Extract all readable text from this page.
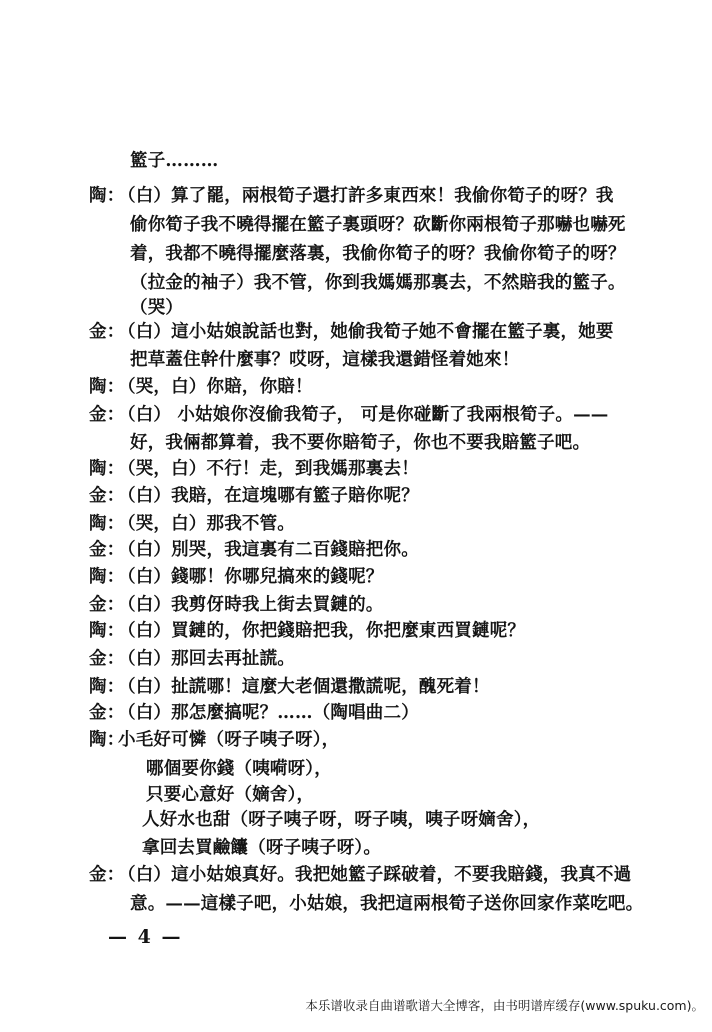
籃子………
陶：
（白）算了罷，兩根筍子還打許多東西來！我偷你筍子的呀？我
偷你筍子我不曉得擺在籃子裏頭呀？砍斷你兩根筍子那嚇也嚇死
着，我都不曉得擺麼落裏，我偷你筍子的呀？我偷你筍子的呀？
（拉金的袖子）我不管，你到我媽媽那裏去，不然賠我的籃子。
（哭）
金：
（白）這小姑娘說話也對，她偷我筍子她不會擺在籃子裏，她要
把草蓋住幹什麼事？哎呀，這樣我還錯怪着她來！
陶：
（哭，白）你賠，你賠！
金：
（白） 小姑娘你沒偷我筍子， 可是你碰斷了我兩根筍子。——
好，我倆都算着，我不要你賠筍子，你也不要我賠籃子吧。
陶：
（哭，白）不行！走，到我媽那裏去！
金：
（白）我賠，在這塊哪有籃子賠你呢？
陶：
（哭，白）那我不管。
金：
（白）別哭，我這裏有二百錢賠把你。
陶：
（白）錢哪！你哪兒搞來的錢呢？
金：
（白）我剪伢時我上街去買鏈的。
陶：
（白）買鏈的，你把錢賠把我，你把麼東西買鏈呢？
金：
（白）那回去再扯謊。
陶：
（白）扯謊哪！這麼大老個還撒謊呢，醜死着！
金：
（白）那怎麼搞呢？……（陶唱曲二）
陶：
小毛好可憐（呀子咦子呀），
哪個要你錢（咦嗬呀），
只要心意好（嫡舍），
人好水也甜（呀子咦子呀，呀子咦，咦子呀嫡舍），
拿回去買鹼饢（呀子咦子呀）。
金：
（白）這小姑娘真好。我把她籃子踩破着，不要我賠錢，我真不過
意。——這樣子吧，小姑娘，我把這兩根筍子送你回家作菜吃吧。
— 4 —
本乐谱收录自曲谱歌谱大全博客，由书明谱库缓存(www.spuku.com)。
